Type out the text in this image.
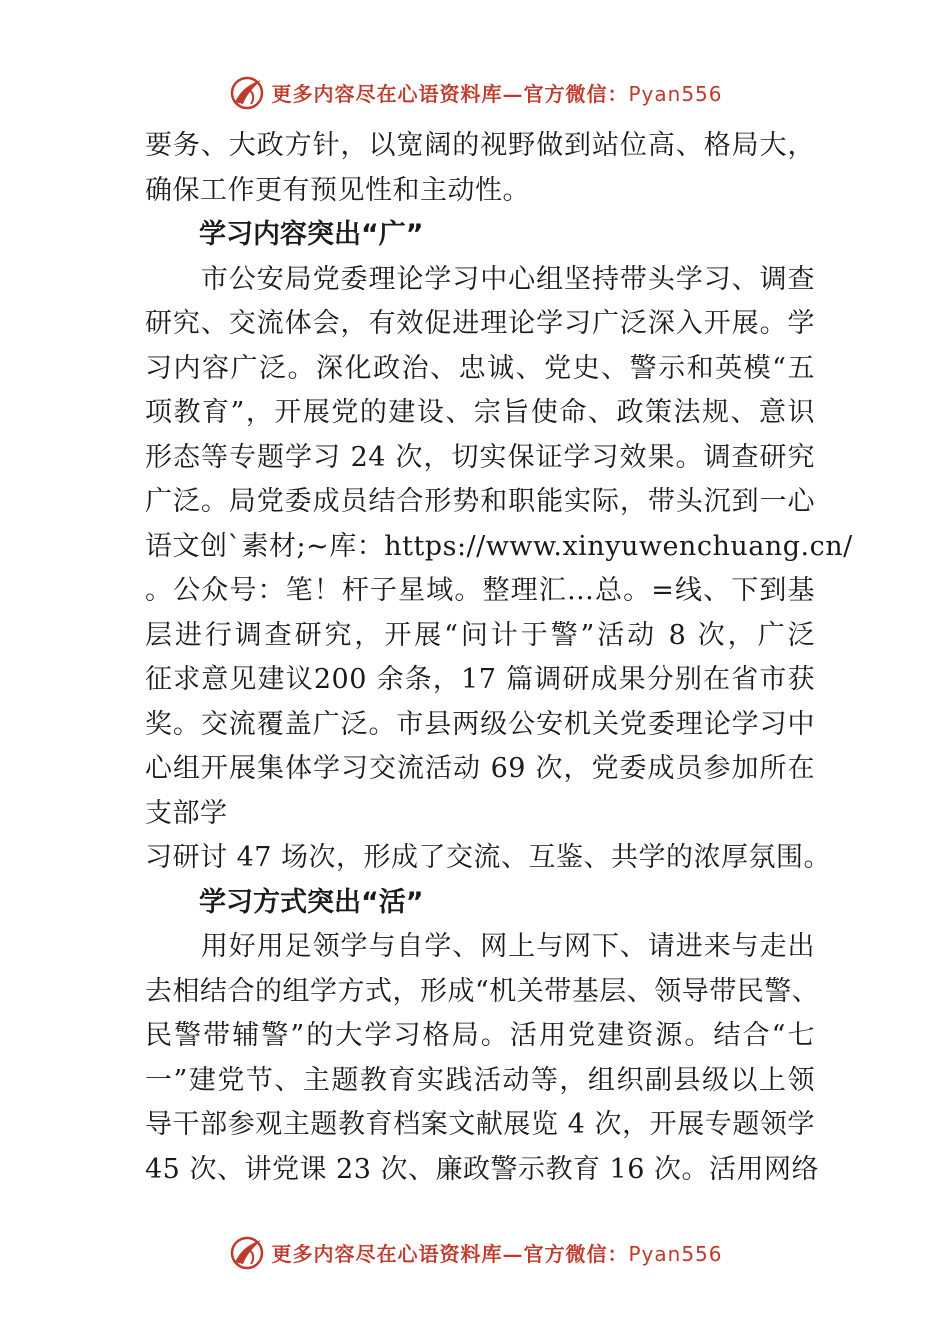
更多内容尽在心语资料库—官方微信：Pyan556
要务、大政方针，以宽阔的视野做到站位高、格局大，
确保工作更有预见性和主动性。
学习内容突出“广”
　　市公安局党委理论学习中心组坚持带头学习、调查
研究、交流体会，有效促进理论学习广泛深入开展。学
习内容广泛。深化政治、忠诚、党史、警示和英模“五
项教育”，开展党的建设、宗旨使命、政策法规、意识
形态等专题学习 24 次，切实保证学习效果。调查研究
广泛。局党委成员结合形势和职能实际，带头沉到一心
语文创`素材;~库：https://www.xinyuwenchuang.cn/
。公众号：笔！杆子星域。整理汇…总。=线、下到基
层进行调查研究，开展“问计于警”活动 8 次，广泛
征求意见建议200 余条，17 篇调研成果分别在省市获
奖。交流覆盖广泛。市县两级公安机关党委理论学习中
心组开展集体学习交流活动 69 次，党委成员参加所在
支部学
习研讨 47 场次，形成了交流、互鉴、共学的浓厚氛围。
学习方式突出“活”
　　用好用足领学与自学、网上与网下、请进来与走出
去相结合的组学方式，形成“机关带基层、领导带民警、
民警带辅警”的大学习格局。活用党建资源。结合“七
一”建党节、主题教育实践活动等，组织副县级以上领
导干部参观主题教育档案文献展览 4 次，开展专题领学
45 次、讲党课 23 次、廉政警示教育 16 次。活用网络
更多内容尽在心语资料库—官方微信：Pyan556
